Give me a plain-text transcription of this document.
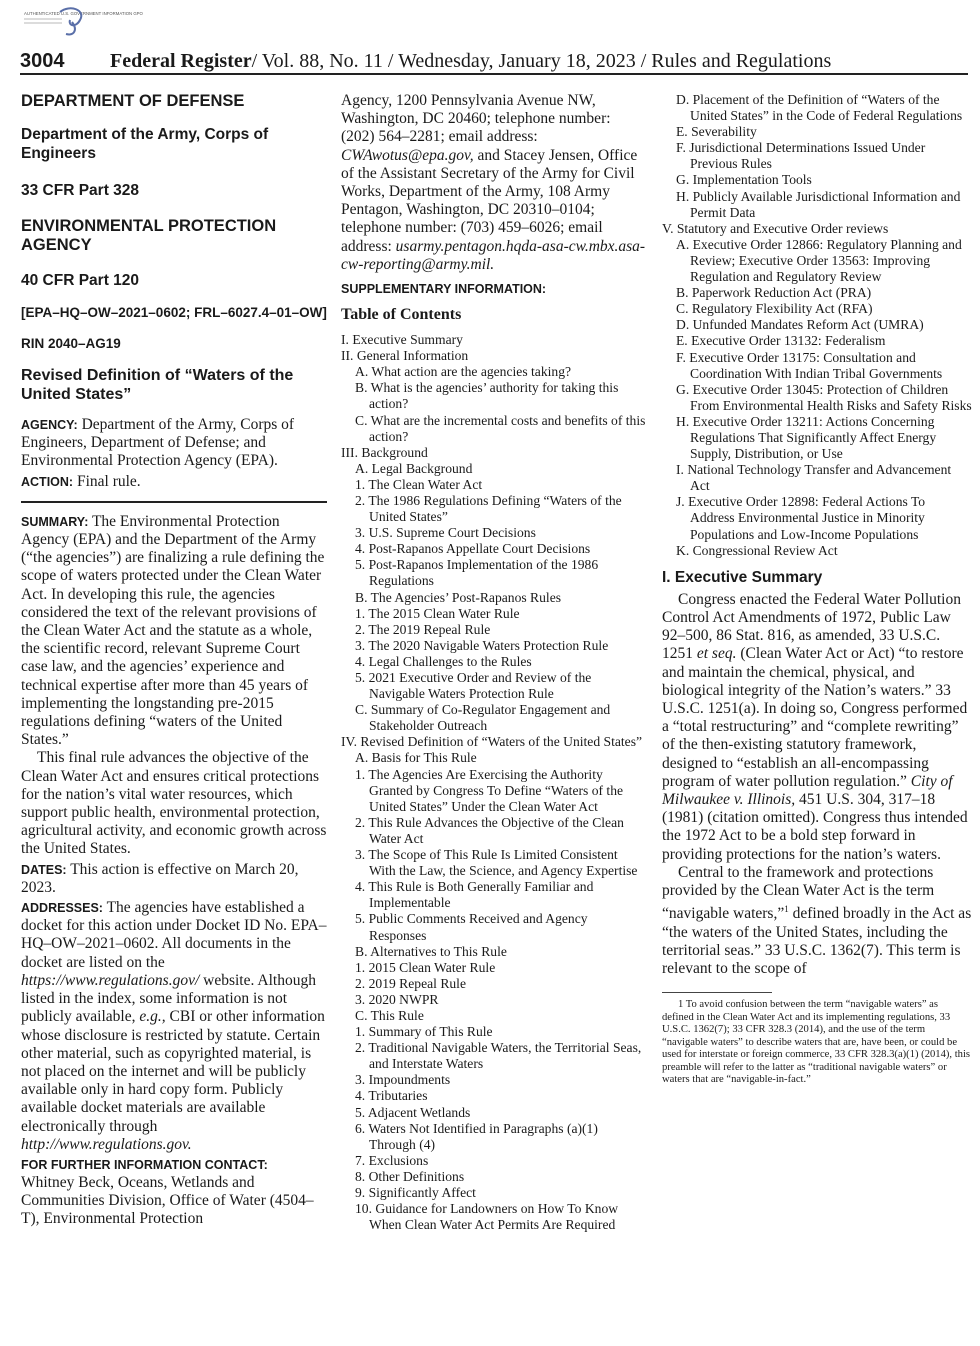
AUTHENTICATED U.S. GOVERNMENT INFORMATION GPO
3004	Federal Register / Vol. 88, No. 11 / Wednesday, January 18, 2023 / Rules and Regulations
DEPARTMENT OF DEFENSE
Department of the Army, Corps of Engineers
33 CFR Part 328
ENVIRONMENTAL PROTECTION AGENCY
40 CFR Part 120
[EPA–HQ–OW–2021–0602; FRL–6027.4–01–OW]
RIN 2040–AG19
Revised Definition of “Waters of the United States”
AGENCY: Department of the Army, Corps of Engineers, Department of Defense; and Environmental Protection Agency (EPA).
ACTION: Final rule.
SUMMARY: The Environmental Protection Agency (EPA) and the Department of the Army (“the agencies”) are finalizing a rule defining the scope of waters protected under the Clean Water Act. In developing this rule, the agencies considered the text of the relevant provisions of the Clean Water Act and the statute as a whole, the scientific record, relevant Supreme Court case law, and the agencies’ experience and technical expertise after more than 45 years of implementing the longstanding pre-2015 regulations defining “waters of the United States.”
This final rule advances the objective of the Clean Water Act and ensures critical protections for the nation’s vital water resources, which support public health, environmental protection, agricultural activity, and economic growth across the United States.
DATES: This action is effective on March 20, 2023.
ADDRESSES: The agencies have established a docket for this action under Docket ID No. EPA–HQ–OW–2021–0602. All documents in the docket are listed on the https://www.regulations.gov/ website. Although listed in the index, some information is not publicly available, e.g., CBI or other information whose disclosure is restricted by statute. Certain other material, such as copyrighted material, is not placed on the internet and will be publicly available only in hard copy form. Publicly available docket materials are available electronically through http://www.regulations.gov.
FOR FURTHER INFORMATION CONTACT:
Whitney Beck, Oceans, Wetlands and Communities Division, Office of Water (4504–T), Environmental Protection
Agency, 1200 Pennsylvania Avenue NW, Washington, DC 20460; telephone number: (202) 564–2281; email address: CWAwotus@epa.gov, and Stacey Jensen, Office of the Assistant Secretary of the Army for Civil Works, Department of the Army, 108 Army Pentagon, Washington, DC 20310–0104; telephone number: (703) 459–6026; email address: usarmy.pentagon.hqda-asa-cw.mbx.asa-cw-reporting@army.mil.
SUPPLEMENTARY INFORMATION:
Table of Contents
I. Executive Summary
II. General Information
A. What action are the agencies taking?
B. What is the agencies’ authority for taking this action?
C. What are the incremental costs and benefits of this action?
III. Background
A. Legal Background
1. The Clean Water Act
2. The 1986 Regulations Defining “Waters of the United States”
3. U.S. Supreme Court Decisions
4. Post-Rapanos Appellate Court Decisions
5. Post-Rapanos Implementation of the 1986 Regulations
B. The Agencies’ Post-Rapanos Rules
1. The 2015 Clean Water Rule
2. The 2019 Repeal Rule
3. The 2020 Navigable Waters Protection Rule
4. Legal Challenges to the Rules
5. 2021 Executive Order and Review of the Navigable Waters Protection Rule
C. Summary of Co-Regulator Engagement and Stakeholder Outreach
IV. Revised Definition of “Waters of the United States”
A. Basis for This Rule
1. The Agencies Are Exercising the Authority Granted by Congress To Define “Waters of the United States” Under the Clean Water Act
2. This Rule Advances the Objective of the Clean Water Act
3. The Scope of This Rule Is Limited Consistent With the Law, the Science, and Agency Expertise
4. This Rule is Both Generally Familiar and Implementable
5. Public Comments Received and Agency Responses
B. Alternatives to This Rule
1. 2015 Clean Water Rule
2. 2019 Repeal Rule
3. 2020 NWPR
C. This Rule
1. Summary of This Rule
2. Traditional Navigable Waters, the Territorial Seas, and Interstate Waters
3. Impoundments
4. Tributaries
5. Adjacent Wetlands
6. Waters Not Identified in Paragraphs (a)(1) Through (4)
7. Exclusions
8. Other Definitions
9. Significantly Affect
10. Guidance for Landowners on How To Know When Clean Water Act Permits Are Required
D. Placement of the Definition of “Waters of the United States” in the Code of Federal Regulations
E. Severability
F. Jurisdictional Determinations Issued Under Previous Rules
G. Implementation Tools
H. Publicly Available Jurisdictional Information and Permit Data
V. Statutory and Executive Order reviews
A. Executive Order 12866: Regulatory Planning and Review; Executive Order 13563: Improving Regulation and Regulatory Review
B. Paperwork Reduction Act (PRA)
C. Regulatory Flexibility Act (RFA)
D. Unfunded Mandates Reform Act (UMRA)
E. Executive Order 13132: Federalism
F. Executive Order 13175: Consultation and Coordination With Indian Tribal Governments
G. Executive Order 13045: Protection of Children From Environmental Health Risks and Safety Risks
H. Executive Order 13211: Actions Concerning Regulations That Significantly Affect Energy Supply, Distribution, or Use
I. National Technology Transfer and Advancement Act
J. Executive Order 12898: Federal Actions To Address Environmental Justice in Minority Populations and Low-Income Populations
K. Congressional Review Act
I. Executive Summary
Congress enacted the Federal Water Pollution Control Act Amendments of 1972, Public Law 92–500, 86 Stat. 816, as amended, 33 U.S.C. 1251 et seq. (Clean Water Act or Act) “to restore and maintain the chemical, physical, and biological integrity of the Nation’s waters.” 33 U.S.C. 1251(a). In doing so, Congress performed a “total restructuring” and “complete rewriting” of the then-existing statutory framework, designed to “establish an all-encompassing program of water pollution regulation.” City of Milwaukee v. Illinois, 451 U.S. 304, 317–18 (1981) (citation omitted). Congress thus intended the 1972 Act to be a bold step forward in providing protections for the nation’s waters.
Central to the framework and protections provided by the Clean Water Act is the term “navigable waters,”$^1$ defined broadly in the Act as “the waters of the United States, including the territorial seas.” 33 U.S.C. 1362(7). This term is relevant to the scope of
1 To avoid confusion between the term “navigable waters” as defined in the Clean Water Act and its implementing regulations, 33 U.S.C. 1362(7); 33 CFR 328.3 (2014), and the use of the term “navigable waters” to describe waters that are, have been, or could be used for interstate or foreign commerce, 33 CFR 328.3(a)(1) (2014), this preamble will refer to the latter as “traditional navigable waters” or waters that are “navigable-in-fact.”
